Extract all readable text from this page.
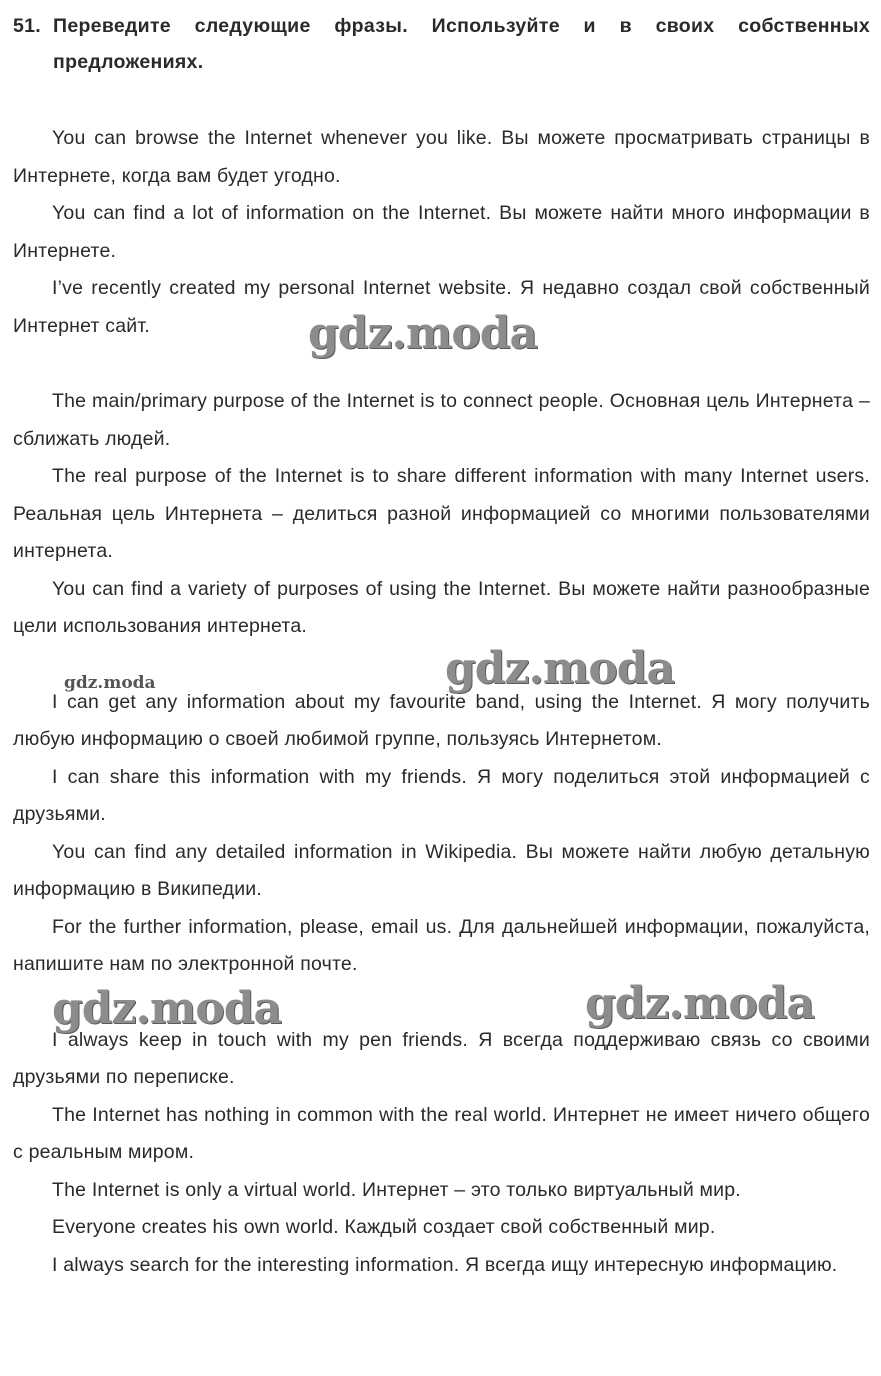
51. Переведите следующие фразы. Используйте и в своих собственных предложениях.

You can browse the Internet whenever you like. Вы можете просматривать страницы в Интернете, когда вам будет угодно.

You can find a lot of information on the Internet. Вы можете найти много информации в Интернете.

I’ve recently created my personal Internet website. Я недавно создал свой собственный Интернет сайт.

The main/primary purpose of the Internet is to connect people. Основная цель Интернета – сближать людей.

The real purpose of the Internet is to share different information with many Internet users. Реальная цель Интернета – делиться разной информацией со многими пользователями интернета.

You can find a variety of purposes of using the Internet. Вы можете найти разнообразные цели использования интернета.

I can get any information about my favourite band, using the Internet. Я могу получить любую информацию о своей любимой группе, пользуясь Интернетом.

I can share this information with my friends. Я могу поделиться этой информацией с друзьями.

You can find any detailed information in Wikipedia. Вы можете найти любую детальную информацию в Википедии.

For the further information, please, email us. Для дальнейшей информации, пожалуйста, напишите нам по электронной почте.

I always keep in touch with my pen friends. Я всегда поддерживаю связь со своими друзьями по переписке.

The Internet has nothing in common with the real world. Интернет не имеет ничего общего с реальным миром.

The Internet is only a virtual world. Интернет – это только виртуальный мир.

Everyone creates his own world. Каждый создает свой собственный мир.

I always search for the interesting information. Я всегда ищу интересную информацию.

gdz.moda
gdz.moda
gdz.moda
gdz.moda	gdz.moda
